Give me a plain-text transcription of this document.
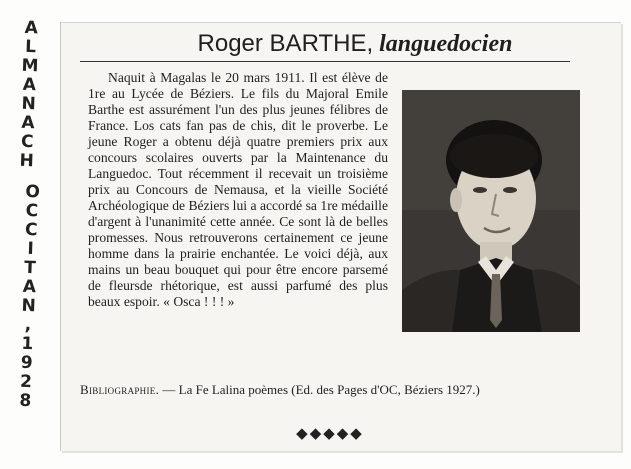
ALMANACH
OCCITAN,1928
Roger BARTHE, languedocien
Naquit à Magalas le 20 mars 1911. Il est élève de 1re au Lycée de Béziers. Le fils du Majoral Emile Barthe est assurément l'un des plus jeunes félibres de France. Los cats fan pas de chis, dit le proverbe. Le jeune Roger a obtenu déjà quatre premiers prix aux concours scolaires ouverts par la Maintenance du Languedoc. Tout récemment il recevait un troisième prix au Concours de Nemausa, et la vieille Société Archéologique de Béziers lui a accordé sa 1re médaille d'argent à l'unanimité cette année. Ce sont là de belles promesses. Nous retrouverons certainement ce jeune homme dans la prairie enchantée. Le voici déjà, aux mains un beau bouquet qui pour être encore parsemé de fleursde rhétorique, est aussi parfumé des plus beaux espoir. « Osca ! ! ! »
Bibliographie. — La Fe Lalina poèmes (Ed. des Pages d'OC, Béziers 1927.)
◆◆◆◆◆
